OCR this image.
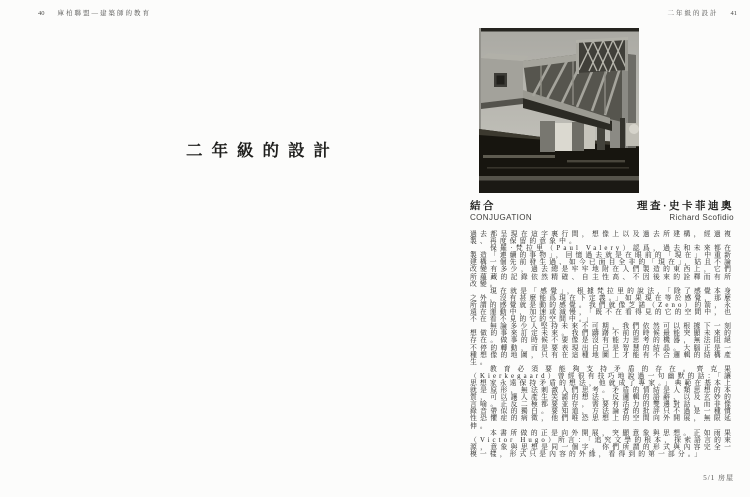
40 庫柏聯盟—建築師的教育	二年級的設計 41
二年級的設計
結合
CONJUGATION
理查·史卡菲迪奧
Richard Scofidio

過去都呈現在這字裏行間，想像上以及過去所建構，經過複製、再度保留的意象中。

保羅·梵拉里（Paul Valery）認爲，過去和未來都在製造「連續的事物」，回憶過去就是在眼前的「現在」中重新建構一個先前發生過、如今已面目全非的「現在」，姑且不論改變有多少，過去總是牢牢地附在人們製造的東西上，它們所蘊藏的記錄依然精確、自主性高、不因後來的詮釋而有所改變。

現在就是「感覺」，根據梵拉里的說法，「除了感覺本身之外，沒有甚麼能爲現在下定義。」如果現在等於感覺，那麼所謂的感覺就是動的感覺。我們就像芝諾（Zeno）的箭，永遠在運動中，加速或減慢，「既不在看得見的它的空間中，也不在看不見的它的空間中。」

無論多少人堅持未來不可期，我們依然可以根據下一刻想做的事來訂定未來。我們躊躇不前的時候最能突顯未來的存在。做事的時候不要像是沒有能力思考的機器，無法阻絕不停的轉動，而是要表現出自己是智慧的結晶。大腦正是一種想像的地圖，只有在這種地圖上才能有不合邏輯的結構產生。

教育必須要能夠支持矛盾的存在。齊克果（Kierkegaard）曾經很有技巧地說過一句幽默的話：「讓思想家永遠保持矛盾的想法，他就成了專家。」典範在基本上就是原形，無法刺激人們思考。矛盾的情結是人類思想的本質，可以讓人產生笑謔的想法、反邏輯的語辭、以及玄妙的言喻。正反二極都要並存，需要有活力的雙邊對話，而非像錄音帶似的獨白。要知道，方法論者的批評只不過是一種慣性恐懼症的病徵，他們唯恐思想上的空間向外開展，無限延伸。

本書所做的正是向外開展，突顯意象與思想。正如雨果（Victor Hugo）所言：「追究文學的根本，探索語言的來源，意象與思想是同一個字，你們所謂的形式與內容完全一模一樣，形式只是內容的外緣，看得到的第一部分。」

5/1 房屋
